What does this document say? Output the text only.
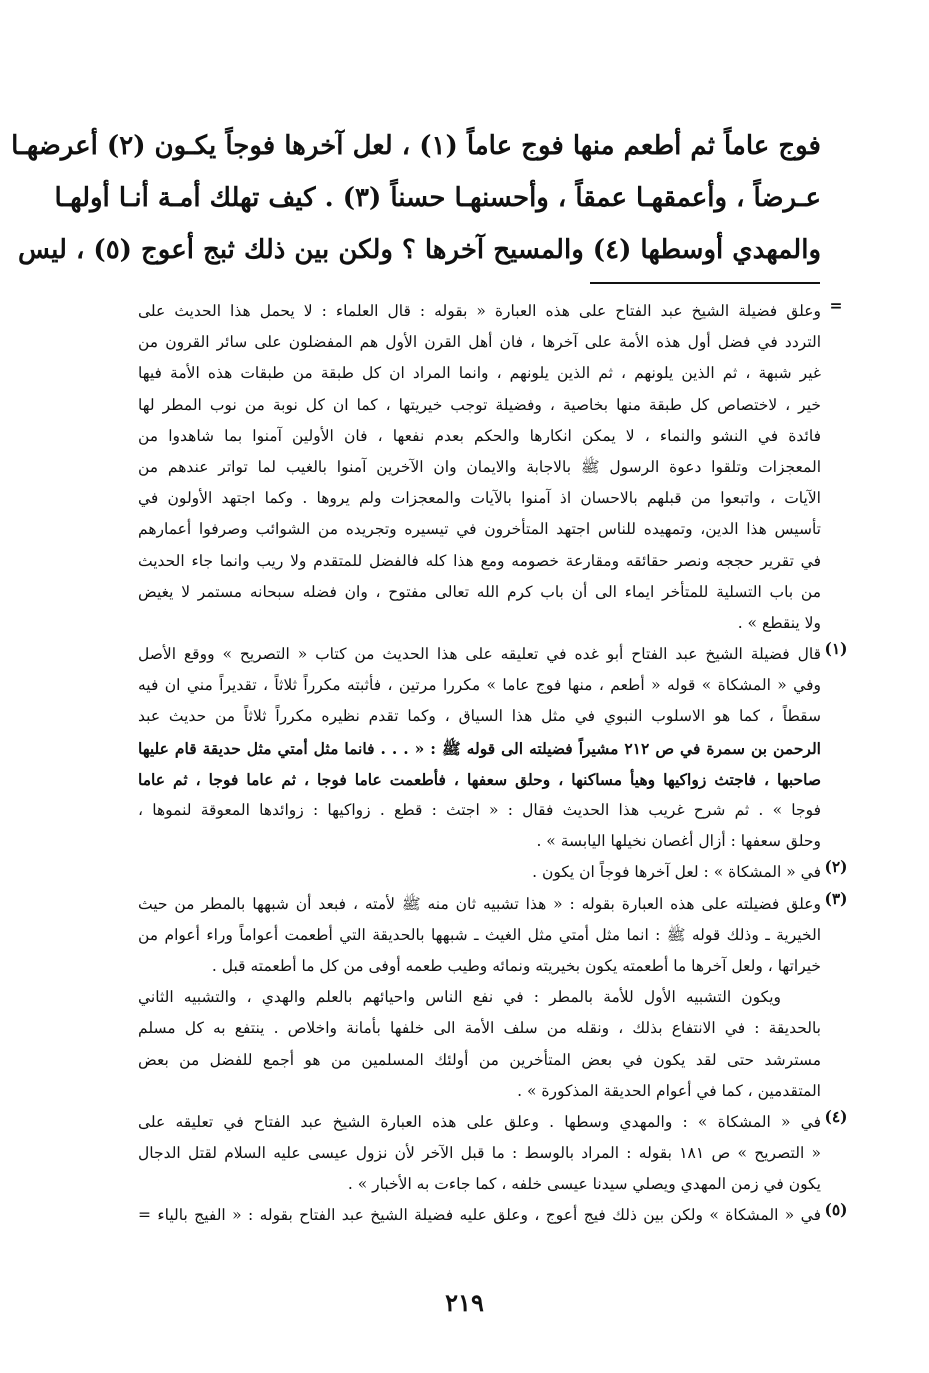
فوج عاماً ثم أطعم منها فوج عاماً (١) ، لعل آخرها فوجاً يكـون (٢) أعرضهـا
عـرضاً ، وأعمقهـا عمقاً ، وأحسنهـا حسناً (٣) . كيف تهلك أمـة أنـا أولهـا
والمهدي أوسطها (٤) والمسيح آخرها ؟ ولكن بين ذلك ثبج أعوج (٥) ، ليس
=
وعلق فضيلة الشيخ عبد الفتاح على هذه العبارة « بقوله : قال العلماء : لا يحمل هذا الحديث على
التردد في فضل أول هذه الأمة على آخرها ، فان أهل القرن الأول هم المفضلون على سائر القرون من
غير شبهة ، ثم الذين يلونهم ، ثم الذين يلونهم ، وانما المراد ان كل طبقة من طبقات هذه الأمة فيها
خير ، لاختصاص كل طبقة منها بخاصية ، وفضيلة توجب خيريتها ، كما ان كل نوبة من نوب المطر لها
فائدة في النشو والنماء ، لا يمكن انكارها والحكم بعدم نفعها ، فان الأولين آمنوا بما شاهدوا من
المعجزات وتلقوا دعوة الرسول ﷺ بالاجابة والايمان وان الآخرين آمنوا بالغيب لما تواتر عندهم من
الآيات ، واتبعوا من قبلهم بالاحسان اذ آمنوا بالآيات والمعجزات ولم يروها . وكما اجتهد الأولون في
تأسيس هذا الدين، وتمهيده للناس اجتهد المتأخرون في تيسيره وتجريده من الشوائب وصرفوا أعمارهم
في تقرير حججه ونصر حقائقه ومقارعة خصومه ومع هذا كله فالفضل للمتقدم ولا ريب وانما جاء الحديث
من باب التسلية للمتأخر ايماء الى أن باب كرم الله تعالى مفتوح ، وان فضله سبحانه مستمر لا يغيض
ولا ينقطع » .
(١)
قال فضيلة الشيخ عبد الفتاح أبو غده في تعليقه على هذا الحديث من كتاب « التصريح » ووقع الأصل
وفي « المشكاة » قوله « أطعم ، منها فوج عاما » مكررا مرتين ، فأثبته مكرراً ثلاثاً ، تقديراً مني ان فيه
سقطاً ، كما هو الاسلوب النبوي في مثل هذا السياق ، وكما تقدم نظيره مكرراً ثلاثاً من حديث عبد
الرحمن بن سمرة في ص ٢١٢ مشيراً فضيلته الى قوله ﷺ : « . . . فانما مثل أمتي مثل حديقة قام عليها
صاحبها ، فاجتث زواكيها وهيأ مساكنها ، وحلق سعفها ، فأطعمت عاما فوجا ، ثم عاما فوجا ، ثم عاما
فوجا » . ثم شرح غريب هذا الحديث فقال : « اجتث : قطع . زواكيها : زوائدها المعوقة لنموها ،
وحلق سعفها : أزال أغصان نخيلها اليابسة » .
(٢)
في « المشكاة » : لعل آخرها فوجاً ان يكون .
(٣)
وعلق فضيلته على هذه العبارة بقوله : « هذا تشبيه ثان منه ﷺ لأمته ، فبعد أن شبهها بالمطر من حيث
الخيرية ـ وذلك قوله ﷺ : انما مثل أمتي مثل الغيث ـ شبهها بالحديقة التي أطعمت أعواماً وراء أعوام من
خيراتها ، ولعل آخرها ما أطعمته يكون بخيريته ونمائه وطيب طعمه أوفى من كل ما أطعمته قبل .
ويكون التشبيه الأول للأمة بالمطر : في نفع الناس واحيائهم بالعلم والهدي ، والتشبيه الثاني
بالحديقة : في الانتفاع بذلك ، ونقله من سلف الأمة الى خلفها بأمانة واخلاص . ينتفع به كل مسلم
مسترشد حتى لقد يكون في بعض المتأخرين من أولئك المسلمين من هو أجمع للفضل من بعض
المتقدمين ، كما في أعوام الحديقة المذكورة » .
(٤)
في « المشكاة » : والمهدي وسطها . وعلق على هذه العبارة الشيخ عبد الفتاح في تعليقه على
« التصريح » ص ١٨١ بقوله : المراد بالوسط : ما قبل الآخر لأن نزول عيسى عليه السلام لقتل الدجال
يكون في زمن المهدي ويصلي سيدنا عيسى خلفه ، كما جاءت به الأخبار » .
(٥)
في « المشكاة » ولكن بين ذلك فيج أعوج ، وعلق عليه فضيلة الشيخ عبد الفتاح بقوله : « الفيج بالياء =
٢١٩
